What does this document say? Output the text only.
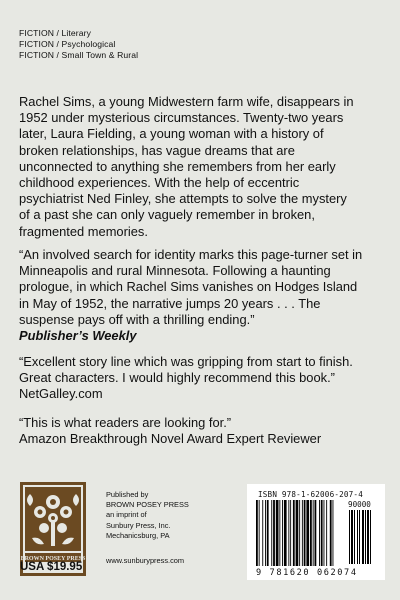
FICTION / Literary
FICTION / Psychological
FICTION / Small Town & Rural
Rachel Sims, a young Midwestern farm wife, disappears in
1952 under mysterious circumstances. Twenty-two years
later, Laura Fielding, a young woman with a history of
broken relationships, has vague dreams that are
unconnected to anything she remembers from her early
childhood experiences. With the help of eccentric
psychiatrist Ned Finley, she attempts to solve the mystery
of a past she can only vaguely remember in broken,
fragmented memories.
“An involved search for identity marks this page-turner set in
Minneapolis and rural Minnesota. Following a haunting
prologue, in which Rachel Sims vanishes on Hodges Island
in May of 1952, the narrative jumps 20 years . . . The
suspense pays off with a thrilling ending.”
Publisher’s Weekly
“Excellent story line which was gripping from start to finish.
Great characters. I would highly recommend this book.”
NetGalley.com
“This is what readers are looking for.”
Amazon Breakthrough Novel Award Expert Reviewer
BROWN POSEY PRESS
USA $19.95
Published by
BROWN POSEY PRESS
an imprint of
Sunbury Press, Inc.
Mechanicsburg, PA
www.sunburypress.com
ISBN 978-1-62006-207-4
90000
9 781620 062074
